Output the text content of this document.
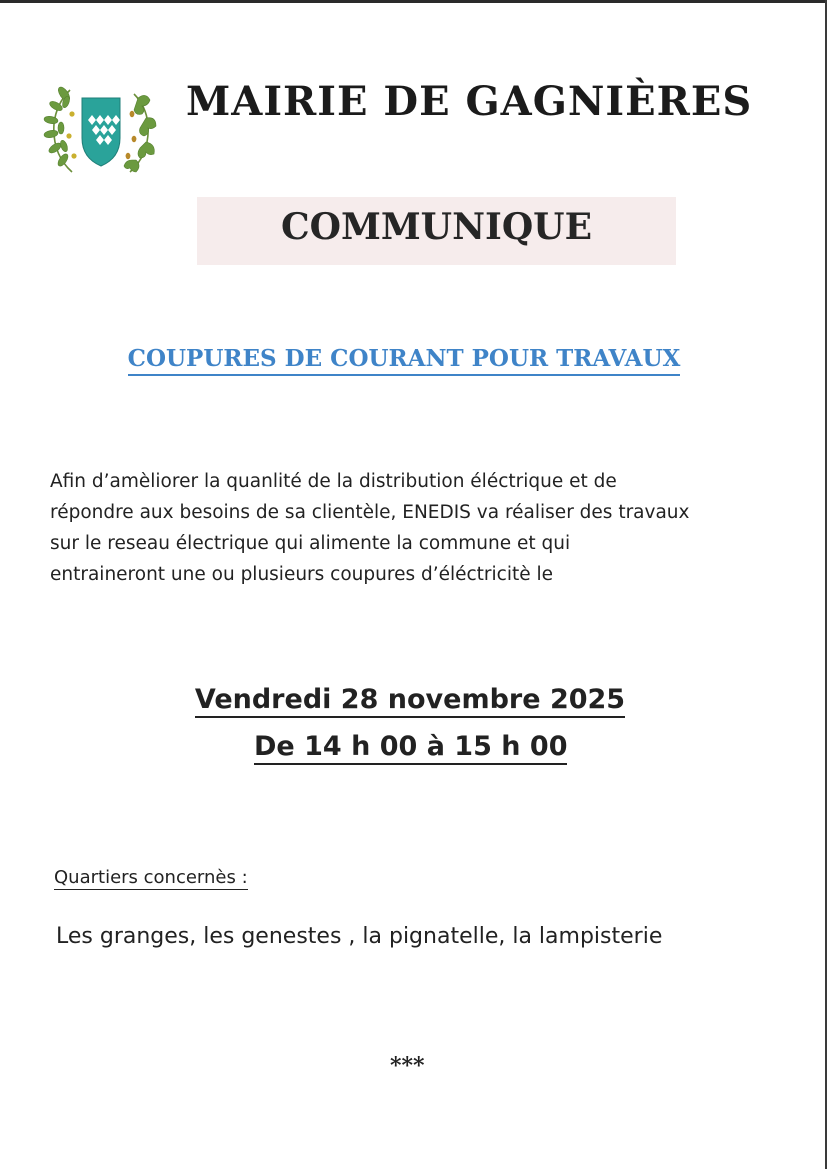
MAIRIE DE GAGNIÈRES
COMMUNIQUE
COUPURES DE COURANT POUR TRAVAUX
Afin d’amèliorer la quanlité de la distribution éléctrique et de
répondre aux besoins de sa clientèle, ENEDIS va réaliser des travaux
sur le reseau électrique qui alimente la commune et qui
entraineront une ou plusieurs coupures d’éléctricitè le
Vendredi 28 novembre 2025
De 14 h 00 à 15 h 00
Quartiers concernès :
Les granges, les genestes , la pignatelle, la lampisterie
***
